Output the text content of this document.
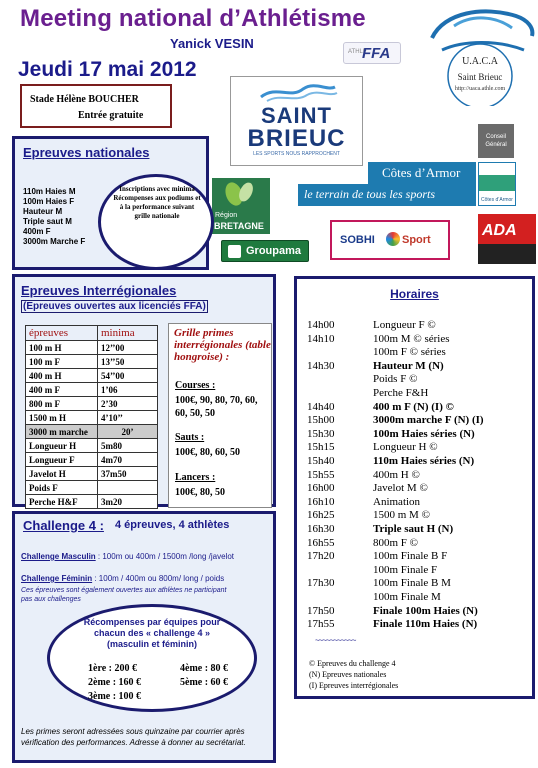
Meeting national d’Athlétisme
Yanick VESIN
Jeudi 17 mai 2012
Stade Hélène BOUCHER
Entrée gratuite
ATHLE
FFA	U.A.C.A
Saint Brieuc
http://uaca.athle.com
SAINT
BRIEUC
LES SPORTS NOUS RAPPROCHENT
Conseil Général
Côtes d’Armor
le terrain de tous les sports	Côtes d’Armor
Région
BRETAGNE
Groupama
SOBHI Sport
ADA
Epreuves nationales
110m Haies M
100m Haies F
Hauteur M
Triple saut M
400m F
3000m Marche F
Inscriptions avec minima Récompenses aux podiums et à la performance suivant grille nationale
Epreuves Interrégionales
(Epreuves ouvertes aux licenciés FFA)
épreuves	minima
100 m H	12’’00
100 m F	13’’50
400 m H	54’’00
400 m F	1’06
800 m F	2’30
1500 m H	4’10’’
3000 m marche	20’
Longueur H	5m80
Longueur F	4m70
Javelot H	37m50
Poids F	
Perche H&F	3m20
Grille primes interrégionales (table hongroise) :
Courses :
100€, 90, 80, 70, 60, 60, 50, 50
Sauts :
100€, 80, 60, 50
Lancers :
100€, 80, 50
Challenge 4 : 4 épreuves, 4 athlètes
Challenge Masculin : 100m ou 400m / 1500m /long /javelot
Challenge Féminin : 100m / 400m ou 800m/ long / poids
Ces épreuves sont également ouvertes aux athlètes ne participant pas aux challenges
Récompenses par équipes pour chacun des « challenge 4 » (masculin et féminin)
1ère : 200 €
2ème : 160 €
3ème : 100 €
4ème : 80 €
5ème : 60 €
Les primes seront adressées sous quinzaine par courrier après vérification des performances. Adresse à donner au secrétariat.
Horaires
14h00	Longueur F ©
14h10	100m M © séries
100m F © séries
14h30	Hauteur M (N)
Poids F ©
Perche F&H
14h40	400 m F (N) (I) ©
15h00	3000m marche F (N) (I)
15h30	100m Haies séries (N)
15h15	Longueur H ©
15h40	110m Haies séries (N)
15h55	400m H ©
16h00	Javelot M ©
16h10	Animation
16h25	1500 m M ©
16h30	Triple saut H (N)
16h55	800m F ©
17h20	100m Finale B F
100m Finale F
17h30	100m Finale B M
100m Finale M
17h50	Finale 100m Haies (N)
17h55	Finale 110m Haies (N)
~~~~~~~~~~~
© Epreuves du challenge 4
(N) Epreuves nationales
(I) Epreuves interrégionales
